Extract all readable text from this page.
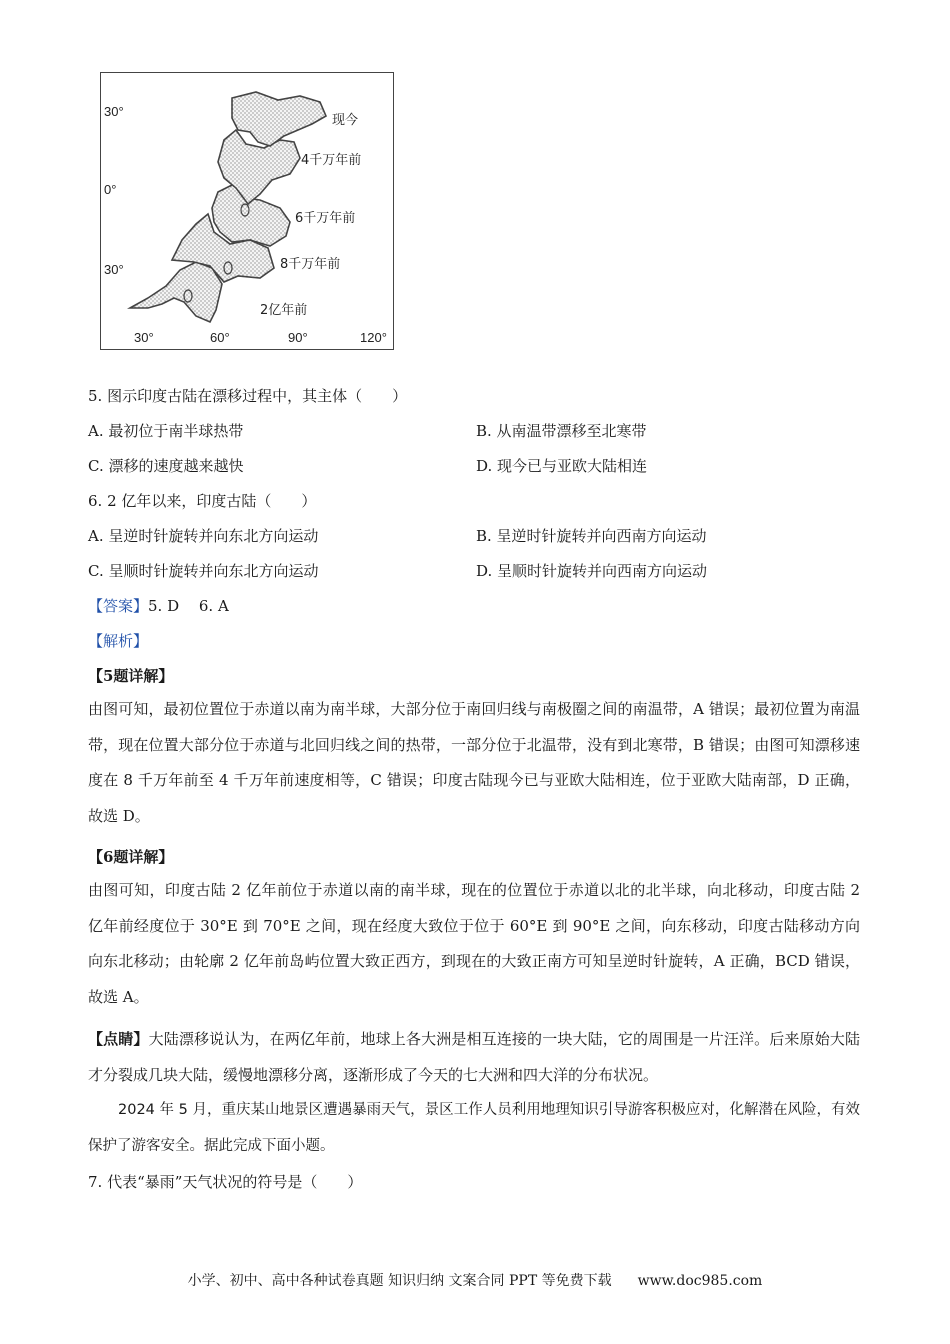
30°
0°
30°
30°	60°	90°	120°
现今
4千万年前
6千万年前
8千万年前
2亿年前
5. 图示印度古陆在漂移过程中，其主体（　　）
A. 最初位于南半球热带	B. 从南温带漂移至北寒带
C. 漂移的速度越来越快	D. 现今已与亚欧大陆相连
6. 2 亿年以来，印度古陆（　　）
A. 呈逆时针旋转并向东北方向运动	B. 呈逆时针旋转并向西南方向运动
C. 呈顺时针旋转并向东北方向运动	D. 呈顺时针旋转并向西南方向运动
【答案】5. D　 6. A
【解析】
【5题详解】
由图可知，最初位置位于赤道以南为南半球，大部分位于南回归线与南极圈之间的南温带，A 错误；最初位置为南温带，现在位置大部分位于赤道与北回归线之间的热带，一部分位于北温带，没有到北寒带，B 错误；由图可知漂移速度在 8 千万年前至 4 千万年前速度相等，C 错误；印度古陆现今已与亚欧大陆相连，位于亚欧大陆南部，D 正确，故选 D。
【6题详解】
由图可知，印度古陆 2 亿年前位于赤道以南的南半球，现在的位置位于赤道以北的北半球，向北移动，印度古陆 2 亿年前经度位于 30°E 到 70°E 之间，现在经度大致位于位于 60°E 到 90°E 之间，向东移动，印度古陆移动方向向东北移动；由轮廓 2 亿年前岛屿位置大致正西方，到现在的大致正南方可知呈逆时针旋转，A 正确，BCD 错误，故选 A。
【点睛】大陆漂移说认为，在两亿年前，地球上各大洲是相互连接的一块大陆，它的周围是一片汪洋。后来原始大陆才分裂成几块大陆，缓慢地漂移分离，逐渐形成了今天的七大洲和四大洋的分布状况。
2024 年 5 月，重庆某山地景区遭遇暴雨天气，景区工作人员利用地理知识引导游客积极应对，化解潜在风险，有效保护了游客安全。据此完成下面小题。
7. 代表“暴雨”天气状况的符号是（　　）
小学、初中、高中各种试卷真题 知识归纳 文案合同 PPT 等免费下载 www.doc985.com
